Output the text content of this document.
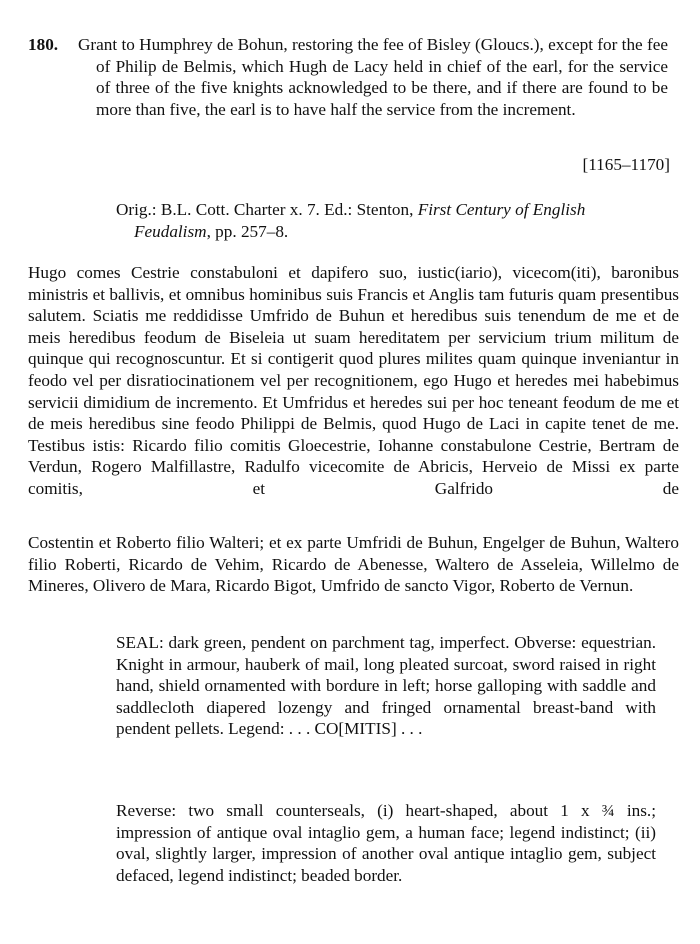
180. Grant to Humphrey de Bohun, restoring the fee of Bisley (Gloucs.), except for the fee of Philip de Belmis, which Hugh de Lacy held in chief of the earl, for the service of three of the five knights acknowledged to be there, and if there are found to be more than five, the earl is to have half the service from the increment.
[1165–1170]
Orig.: B.L. Cott. Charter x. 7. Ed.: Stenton, First Century of English Feudalism, pp. 257–8.
Hugo comes Cestrie constabuloni et dapifero suo, iustic(iario), vicecom(iti), baronibus ministris et ballivis, et omnibus hominibus suis Francis et Anglis tam futuris quam presentibus salutem. Sciatis me reddidisse Umfrido de Buhun et heredibus suis tenendum de me et de meis heredibus feodum de Biseleia ut suam hereditatem per servicium trium militum de quinque qui recognoscuntur. Et si contigerit quod plures milites quam quinque inveniantur in feodo vel per disratiocinationem vel per recognitionem, ego Hugo et heredes mei habebimus servicii dimidium de incremento. Et Umfridus et heredes sui per hoc teneant feodum de me et de meis heredibus sine feodo Philippi de Belmis, quod Hugo de Laci in capite tenet de me. Testibus istis: Ricardo filio comitis Gloecestrie, Iohanne constabulone Cestrie, Bertram de Verdun, Rogero Malfillastre, Radulfo vicecomite de Abricis, Herveio de Missi ex parte comitis, et Galfrido de
Costentin et Roberto filio Walteri; et ex parte Umfridi de Buhun, Engelger de Buhun, Waltero filio Roberti, Ricardo de Vehim, Ricardo de Abenesse, Waltero de Asseleia, Willelmo de Mineres, Olivero de Mara, Ricardo Bigot, Umfrido de sancto Vigor, Roberto de Vernun.
SEAL: dark green, pendent on parchment tag, imperfect. Obverse: equestrian. Knight in armour, hauberk of mail, long pleated surcoat, sword raised in right hand, shield ornamented with bordure in left; horse galloping with saddle and saddlecloth diapered lozengy and fringed ornamental breast-band with pendent pellets. Legend: . . . CO[MITIS] . . .
Reverse: two small counterseals, (i) heart-shaped, about 1 x ¾ ins.; impression of antique oval intaglio gem, a human face; legend indistinct; (ii) oval, slightly larger, impression of another oval antique intaglio gem, subject defaced, legend indistinct; beaded border.
